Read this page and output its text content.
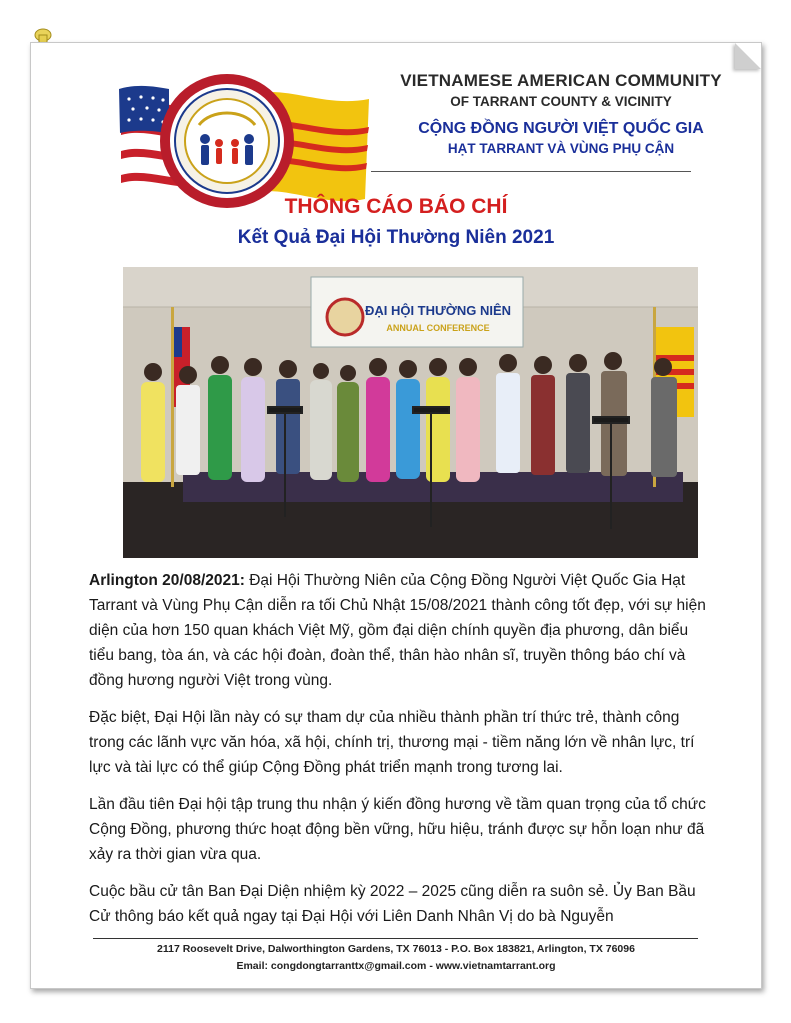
VIETNAMESE AMERICAN COMMUNITY
OF TARRANT COUNTY & VICINITY
CỘNG ĐỒNG NGƯỜI VIỆT QUỐC GIA
HẠT TARRANT VÀ VÙNG PHỤ CẬN
THÔNG CÁO BÁO CHÍ
Kết Quả Đại Hội Thường Niên 2021
ĐẠI HỘI THƯỜNG NIÊN
ANNUAL CONFERENCE

Arlington 20/08/2021: Đại Hội Thường Niên của Cộng Đồng Người Việt Quốc Gia Hạt Tarrant và Vùng Phụ Cận diễn ra tối Chủ Nhật 15/08/2021 thành công tốt đẹp, với sự hiện diện của hơn 150 quan khách Việt Mỹ, gồm đại diện chính quyền địa phương, dân biểu tiểu bang, tòa án, và các hội đoàn, đoàn thể, thân hào nhân sĩ, truyền thông báo chí và đồng hương người Việt trong vùng.

Đặc biệt, Đại Hội lần này có sự tham dự của nhiều thành phần trí thức trẻ, thành công trong các lãnh vực văn hóa, xã hội, chính trị, thương mại - tiềm năng lớn về nhân lực, trí lực và tài lực có thể giúp Cộng Đồng phát triển mạnh trong tương lai.

Lần đầu tiên Đại hội tập trung thu nhận ý kiến đồng hương về tầm quan trọng của tổ chức Cộng Đồng, phương thức hoạt động bền vững, hữu hiệu, tránh được sự hỗn loạn như đã xảy ra thời gian vừa qua.

Cuộc bầu cử tân Ban Đại Diện nhiệm kỳ 2022 – 2025 cũng diễn ra suôn sẻ. Ủy Ban Bầu Cử thông báo kết quả ngay tại Đại Hội với Liên Danh Nhân Vị do bà Nguyễn

2117 Roosevelt Drive, Dalworthington Gardens, TX 76013 - P.O. Box 183821, Arlington, TX 76096
Email: congdongtarranttx@gmail.com - www.vietnamtarrant.org
